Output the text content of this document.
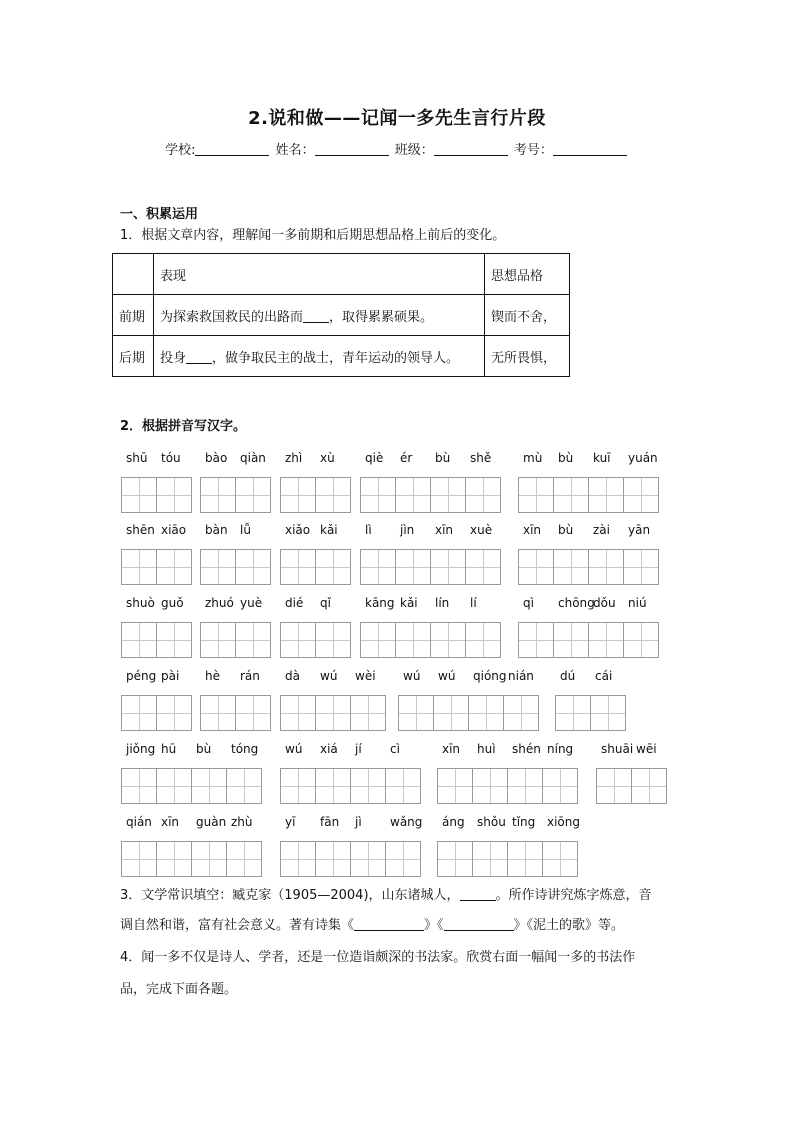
2.说和做——记闻一多先生言行片段
学校:	姓名：	班级：	考号：
一、积累运用
1．根据文章内容，理解闻一多前期和后期思想品格上前后的变化。
	表现	思想品格
前期	为探索救国救民的出路而 ，取得累累硕果。	锲而不舍，
后期	投身 ，做争取民主的战士，青年运动的领导人。	无所畏惧，
2．根据拼音写汉字。
shū tóu bào qiàn zhì xù	qiè ér bù shě	mù bù kuī yuán
shēn xiāo bàn lǚ	xiǎo kǎi lì jìn xīn xuè	xīn bù zài yān
shuò guǒ zhuó yuè dié qǐ	kāng kǎi lín lí	qì chōng
dǒu niú
péng pài hè rán dà wú wèi wú wú qióng nián dú cái
jiǒng hū bù tóng wú xiá jí cì	xīn huì shén níng shuāi wēi
qián xīn guàn zhù	yī fān jì wǎng áng shǒu tǐng xiōng
3．文学常识填空：臧克家（1905—2004)，山东诸城人，	。所作诗讲究炼字炼意，音
调自然和谐，富有社会意义。著有诗集《	》《	》《泥土的歌》等。
4．闻一多不仅是诗人、学者，还是一位造诣颇深的书法家。欣赏右面一幅闻一多的书法作
品，完成下面各题。
